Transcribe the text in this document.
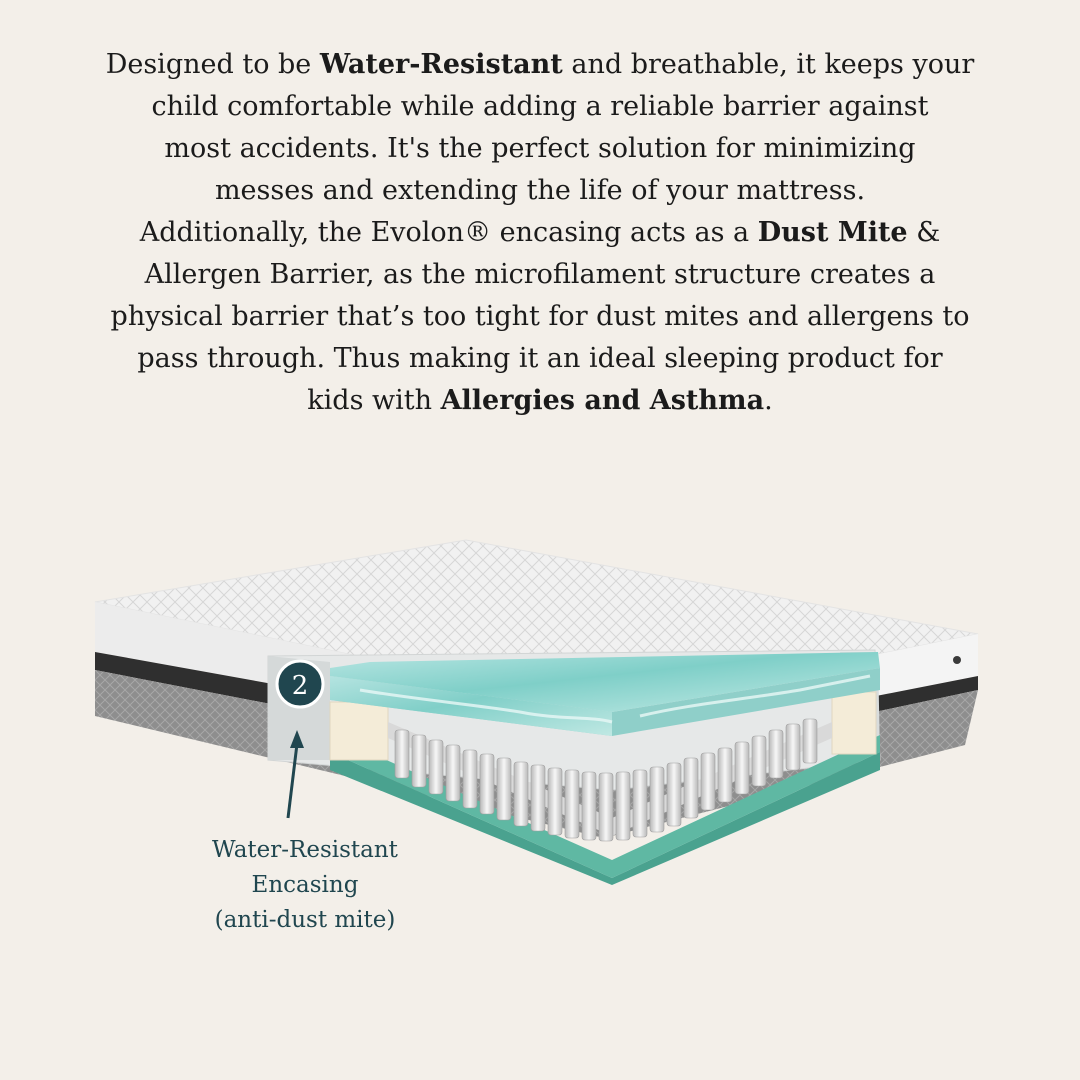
Designed to be Water-Resistant and breathable, it keeps your
child comfortable while adding a reliable barrier against
most accidents. It's the perfect solution for minimizing
messes and extending the life of your mattress.
Additionally, the Evolon® encasing acts as a Dust Mite &
Allergen Barrier, as the microfilament structure creates a
physical barrier that’s too tight for dust mites and allergens to
pass through. Thus making it an ideal sleeping product for
kids with Allergies and Asthma.

2
Water-Resistant
Encasing
(anti-dust mite)
